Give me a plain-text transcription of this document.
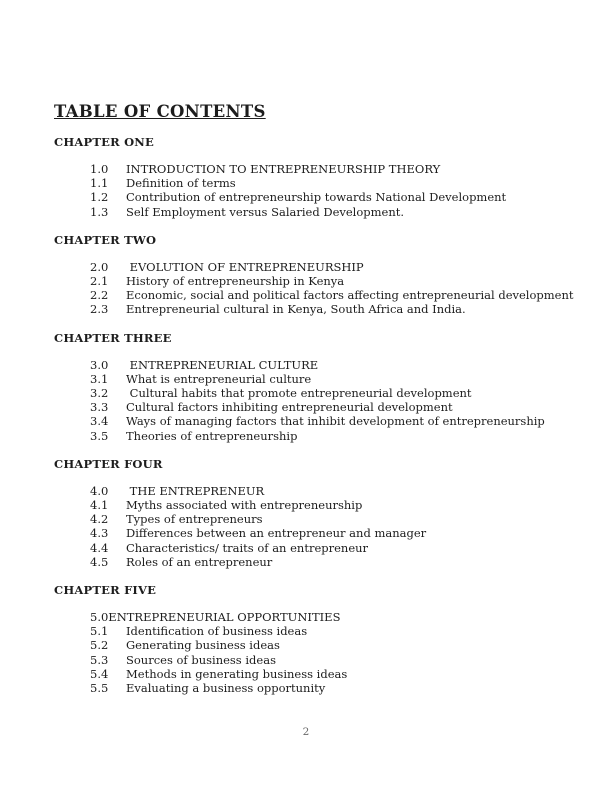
TABLE OF CONTENTS
CHAPTER ONE
1.0	INTRODUCTION TO ENTREPRENEURSHIP THEORY
1.1	Definition of terms
1.2	Contribution of entrepreneurship towards National Development
1.3	Self Employment versus Salaried Development.
CHAPTER TWO
2.0	EVOLUTION OF ENTREPRENEURSHIP
2.1	History of entrepreneurship in Kenya
2.2	Economic, social and political factors affecting entrepreneurial development
2.3	Entrepreneurial cultural in Kenya, South Africa and India.
CHAPTER THREE
3.0	ENTREPRENEURIAL CULTURE
3.1	What is entrepreneurial culture
3.2	Cultural habits that promote entrepreneurial development
3.3	Cultural factors inhibiting entrepreneurial development
3.4	Ways of managing factors that inhibit development of entrepreneurship
3.5	Theories of entrepreneurship
CHAPTER FOUR
4.0	THE ENTREPRENEUR
4.1	Myths associated with entrepreneurship
4.2	Types of entrepreneurs
4.3	Differences between an entrepreneur and manager
4.4	Characteristics/ traits of an entrepreneur
4.5	Roles of an entrepreneur
CHAPTER FIVE
5.0 ENTREPRENEURIAL OPPORTUNITIES
5.1	Identification of business ideas
5.2	Generating business ideas
5.3	Sources of business ideas
5.4	Methods in generating business ideas
5.5	Evaluating a business opportunity
2
